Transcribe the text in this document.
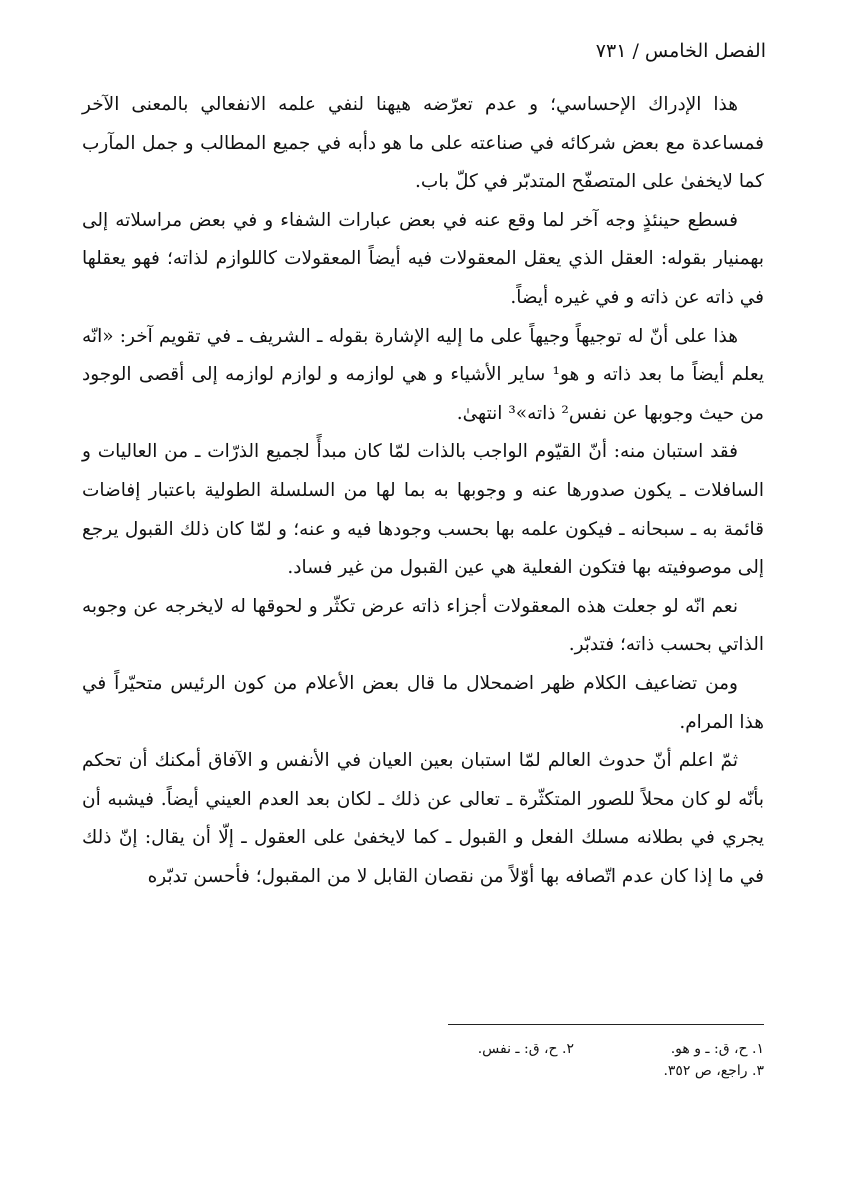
الفصل الخامس / ٧٣١

هذا الإدراك الإحساسي؛ و عدم تعرّضه هيهنا لنفي علمه الانفعالي بالمعنى الآخر فمساعدة مع بعض شركائه في صناعته على ما هو دأبه في جميع المطالب و جمل المآرب كما لايخفىٰ على المتصفّح المتدبّر في كلّ باب.

فسطع حينئذٍ وجه آخر لما وقع عنه في بعض عبارات الشفاء و في بعض مراسلاته إلى بهمنيار بقوله: العقل الذي يعقل المعقولات فيه أيضاً المعقولات كاللوازم لذاته؛ فهو يعقلها في ذاته عن ذاته و في غيره أيضاً.

هذا على أنّ له توجيهاً وجيهاً على ما إليه الإشارة بقوله ـ الشريف ـ في تقويم آخر: «انّه يعلم أيضاً ما بعد ذاته و هو¹ ساير الأشياء و هي لوازمه و لوازم لوازمه إلى أقصى الوجود من حيث وجوبها عن نفس² ذاته»³ انتهىٰ.

فقد استبان منه: أنّ القيّوم الواجب بالذات لمّا كان مبدأً لجميع الذرّات ـ من العاليات و السافلات ـ يكون صدورها عنه و وجوبها به بما لها من السلسلة الطولية باعتبار إفاضات قائمة به ـ سبحانه ـ فيكون علمه بها بحسب وجودها فيه و عنه؛ و لمّا كان ذلك القبول يرجع إلى موصوفيته بها فتكون الفعلية هي عين القبول من غير فساد.

نعم انّه لو جعلت هذه المعقولات أجزاء ذاته عرض تكثّر و لحوقها له لايخرجه عن وجوبه الذاتي بحسب ذاته؛ فتدبّر.

ومن تضاعيف الكلام ظهر اضمحلال ما قال بعض الأعلام من كون الرئيس متحيّراً في هذا المرام.

ثمّ اعلم أنّ حدوث العالم لمّا استبان بعين العيان في الأنفس و الآفاق أمكنك أن تحكم بأنّه لو كان محلاً للصور المتكثّرة ـ تعالى عن ذلك ـ لكان بعد العدم العيني أيضاً. فيشبه أن يجري في بطلانه مسلك الفعل و القبول ـ كما لايخفىٰ على العقول ـ إلّا أن يقال: إنّ ذلك في ما إذا كان عدم اتّصافه بها أوّلاً من نقصان القابل لا من المقبول؛ فأحسن تدبّره

١. ح، ق: ـ و هو.
٢. ح، ق: ـ نفس.
٣. راجع، ص ٣٥٢.
